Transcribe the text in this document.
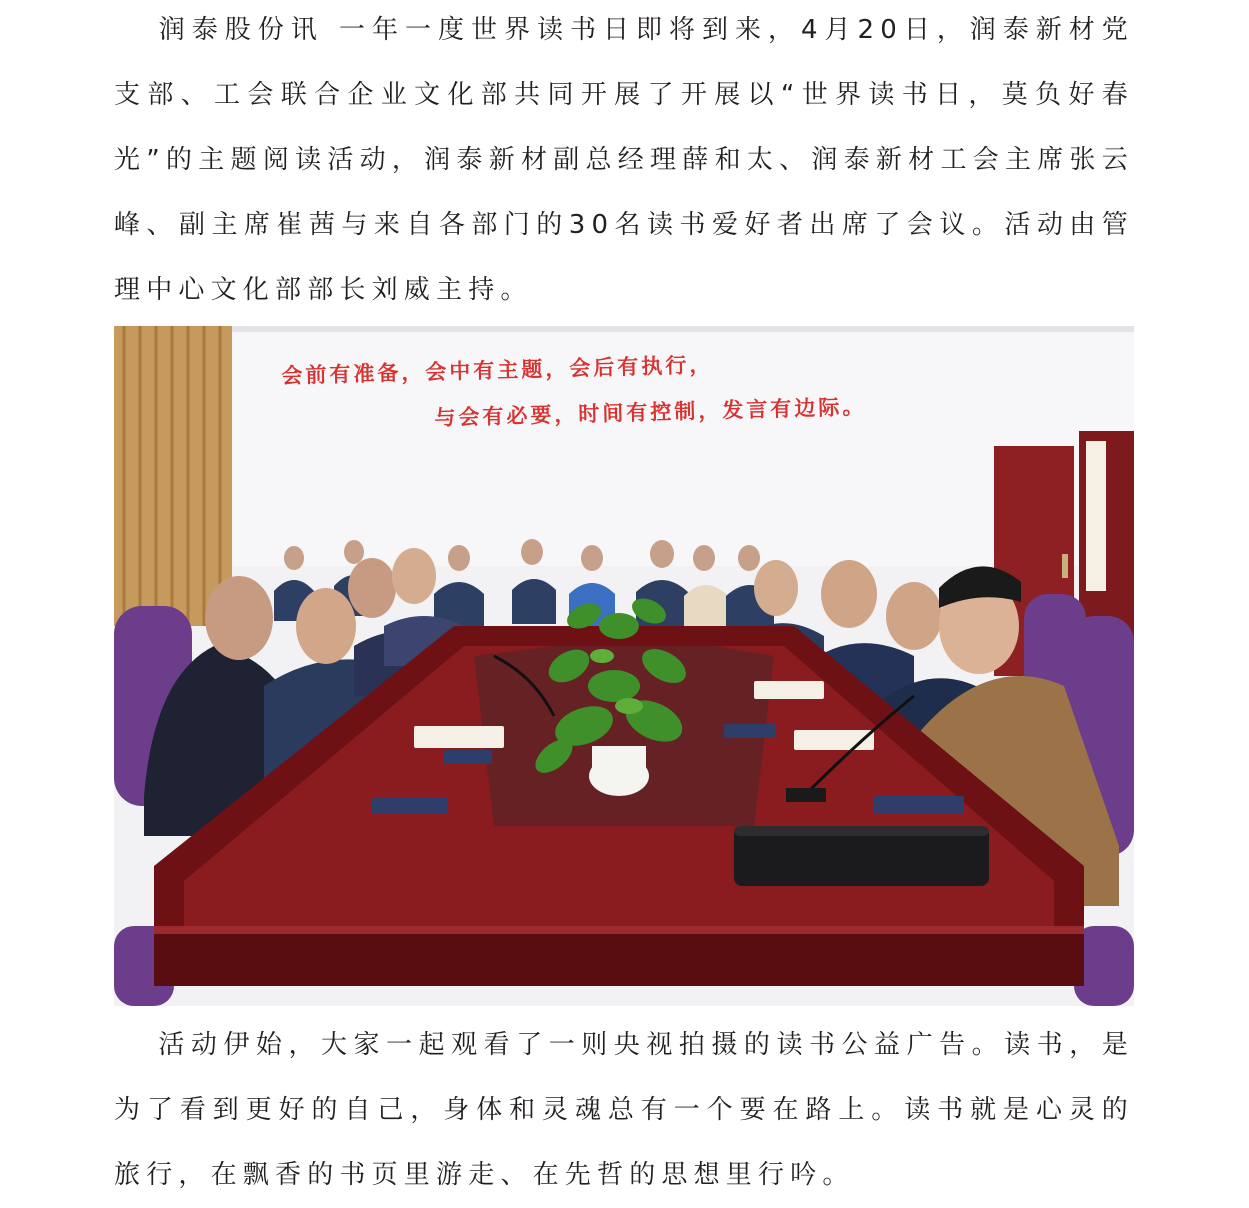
润泰股份讯 一年一度世界读书日即将到来，4月20日，润泰新材党支部、工会联合企业文化部共同开展了开展以“世界读书日，莫负好春光”的主题阅读活动，润泰新材副总经理薛和太、润泰新材工会主席张云峰、副主席崔茜与来自各部门的30名读书爱好者出席了会议。活动由管理中心文化部部长刘威主持。
会前有准备，会中有主题，会后有执行，
与会有必要，时间有控制，发言有边际。
活动伊始，大家一起观看了一则央视拍摄的读书公益广告。读书，是为了看到更好的自己，身体和灵魂总有一个要在路上。读书就是心灵的旅行，在飘香的书页里游走、在先哲的思想里行吟。
